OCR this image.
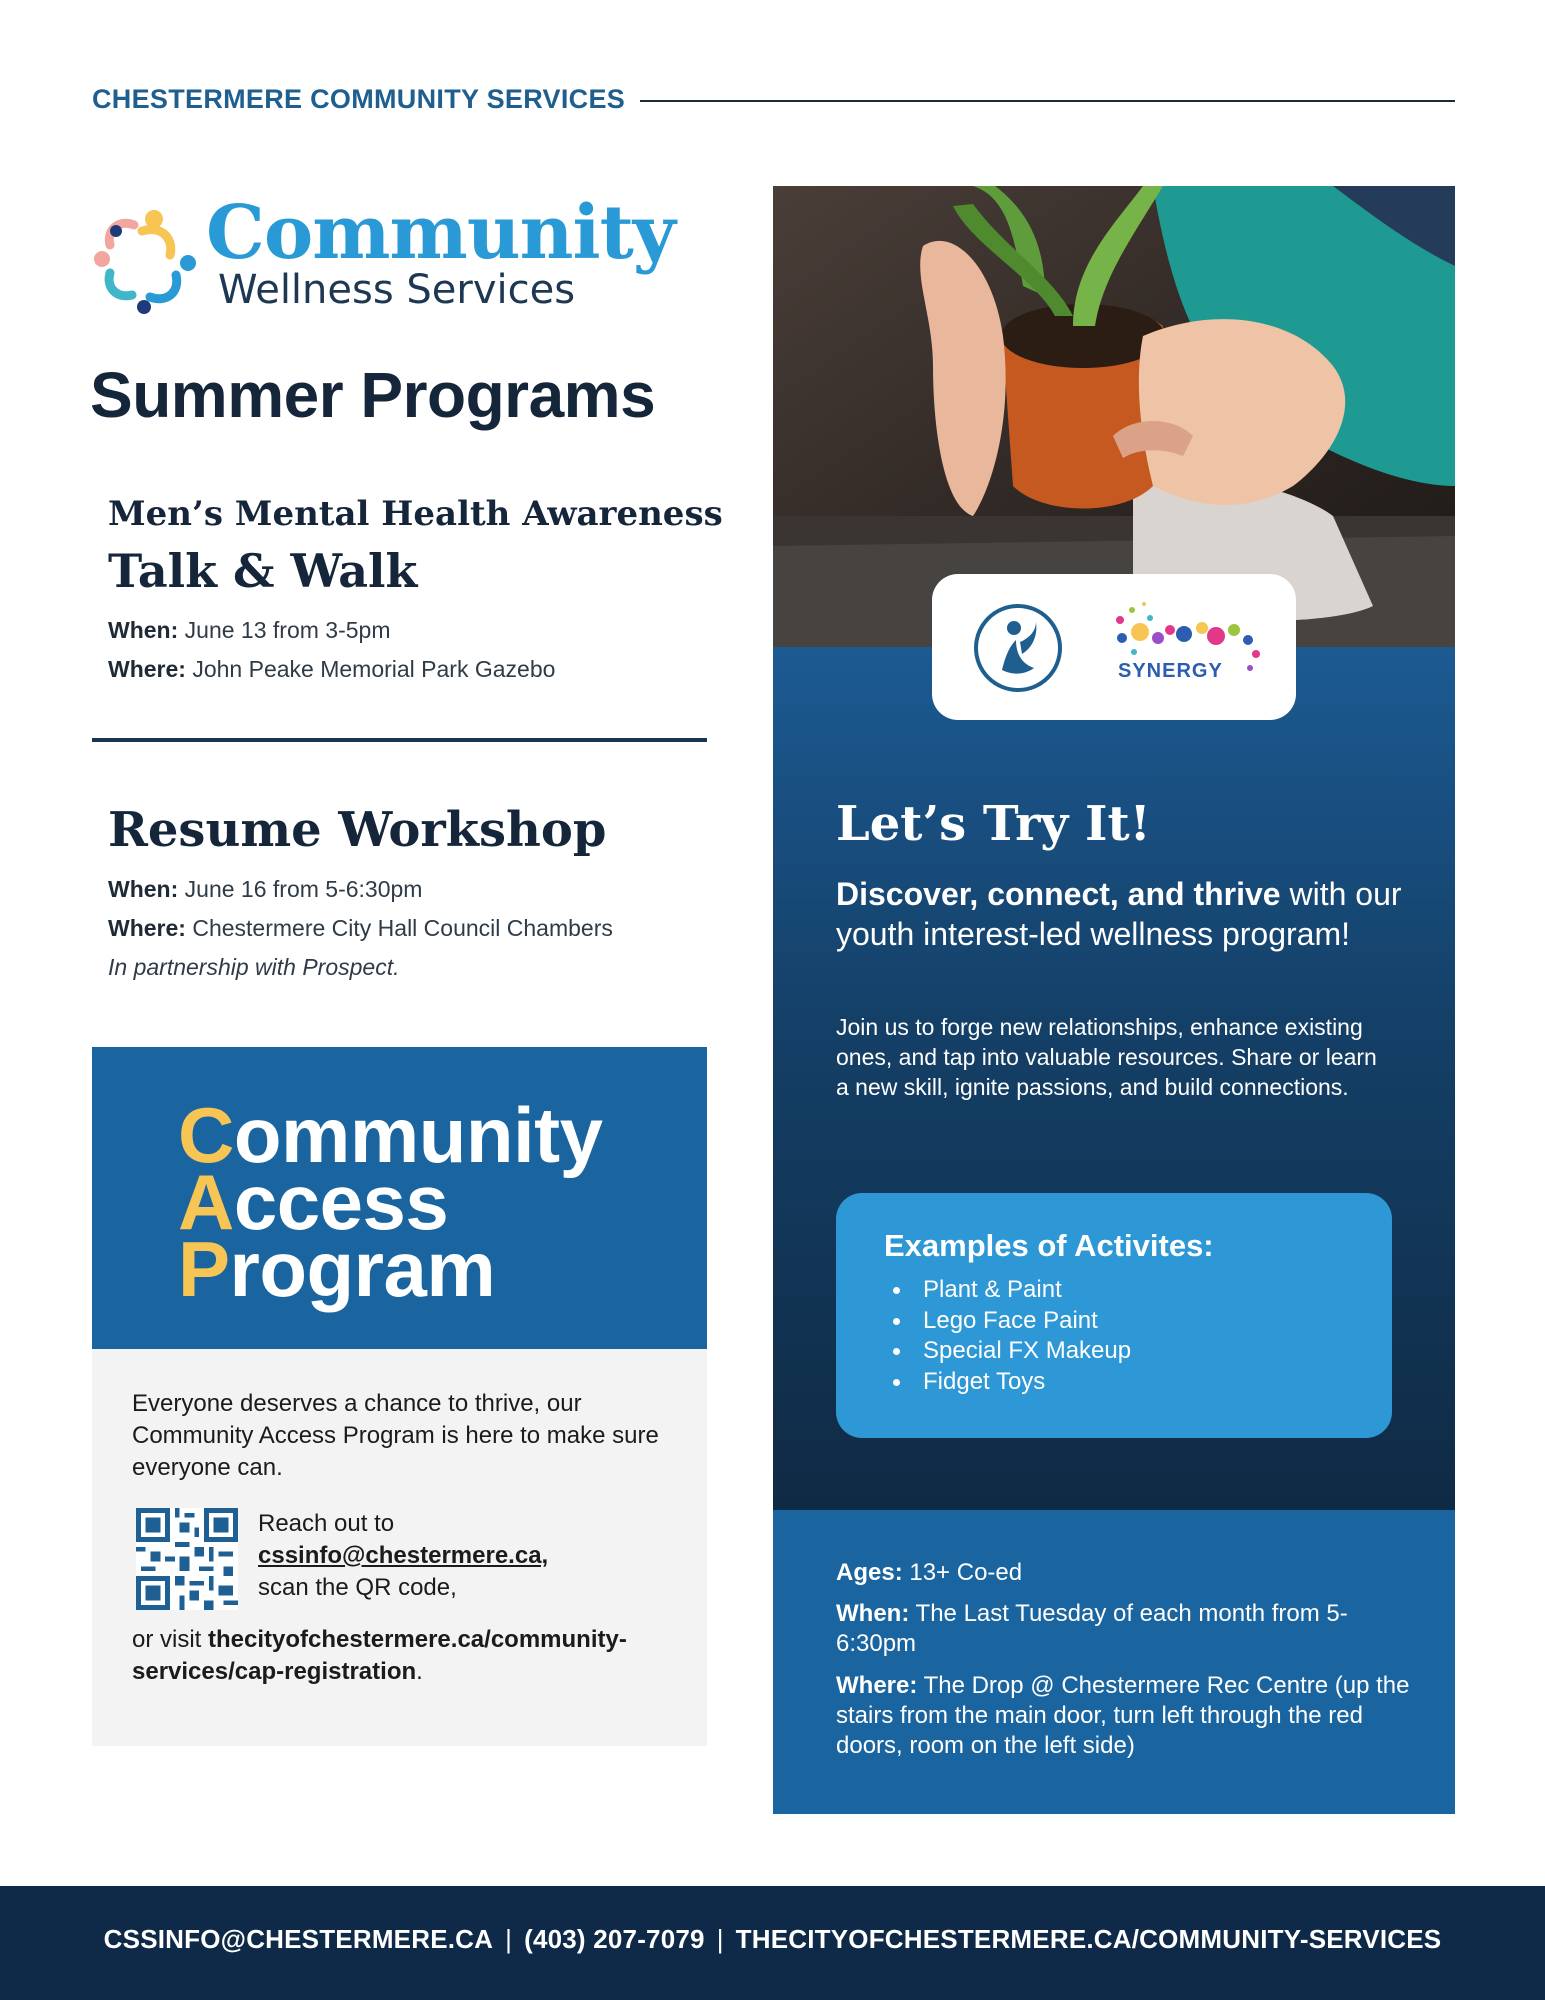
CHESTERMERE COMMUNITY SERVICES
Community
Wellness Services
Summer Programs
Men’s Mental Health Awareness
Talk & Walk
When: June 13 from 3-5pm
Where: John Peake Memorial Park Gazebo
Resume Workshop
When: June 16 from 5-6:30pm
Where: Chestermere City Hall Council Chambers
In partnership with Prospect.
Community
Access
Program
Everyone deserves a chance to thrive, our Community Access Program is here to make sure everyone can.
Reach out to
cssinfo@chestermere.ca,
scan the QR code,
or visit thecityofchestermere.ca/community-services/cap-registration.
SYNERGY
Let’s Try It!
Discover, connect, and thrive with our youth interest-led wellness program!
Join us to forge new relationships, enhance existing ones, and tap into valuable resources. Share or learn a new skill, ignite passions, and build connections.
Examples of Activites:
Plant & Paint
Lego Face Paint
Special FX Makeup
Fidget Toys
Ages: 13+ Co-ed
When: The Last Tuesday of each month from 5-6:30pm
Where: The Drop @ Chestermere Rec Centre (up the stairs from the main door, turn left through the red doors, room on the left side)
CSSINFO@CHESTERMERE.CA | (403) 207-7079 | THECITYOFCHESTERMERE.CA/COMMUNITY-SERVICES
